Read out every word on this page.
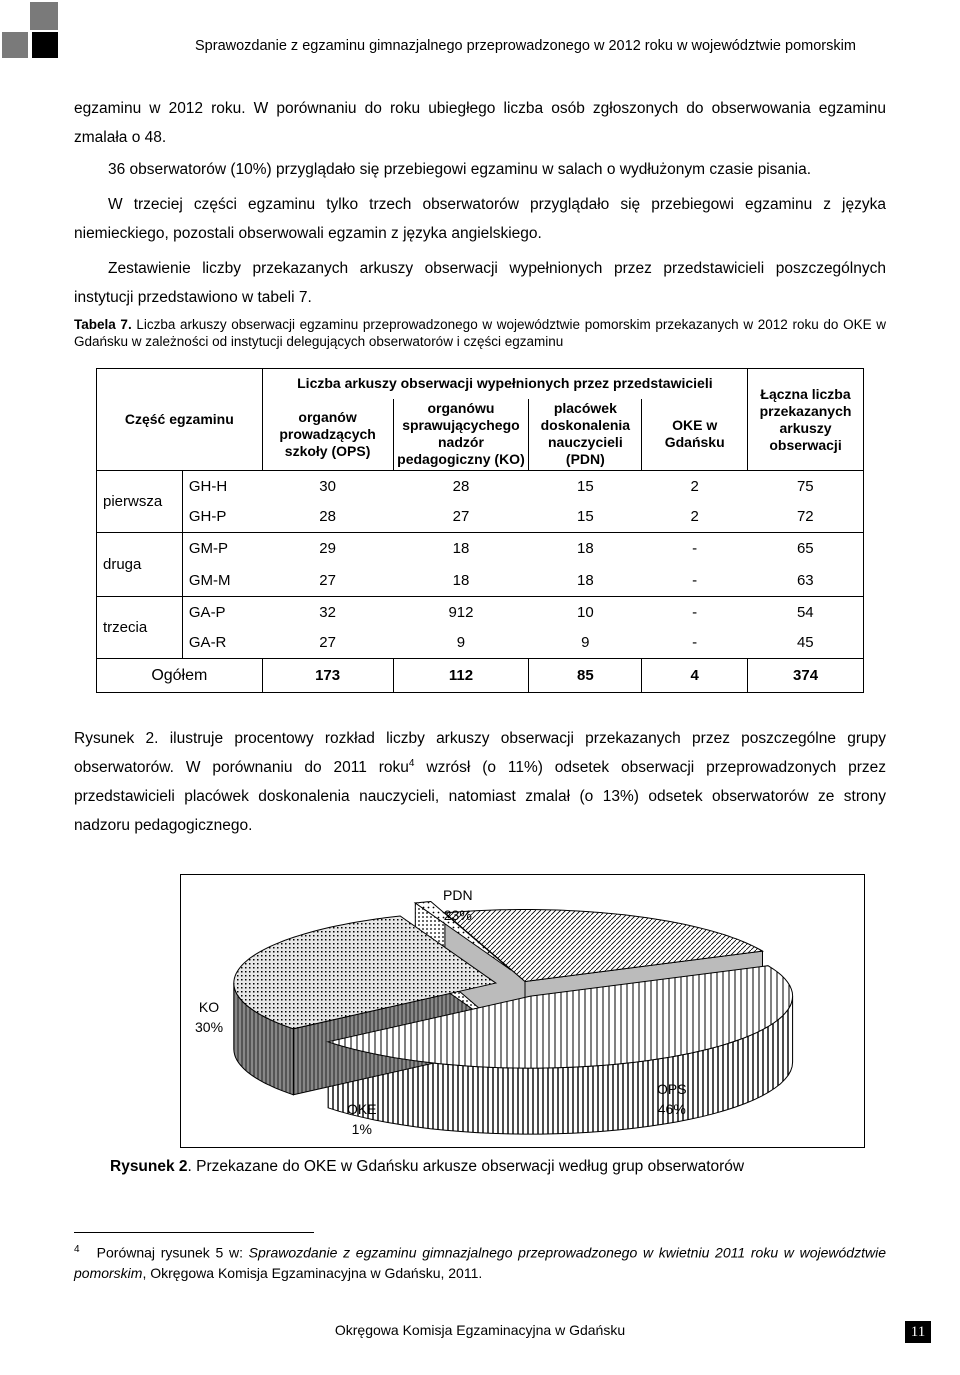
Sprawozdanie z egzaminu gimnazjalnego przeprowadzonego w 2012 roku w województwie pomorskim
egzaminu w 2012 roku. W porównaniu do roku ubiegłego liczba osób zgłoszonych do obserwowania egzaminu zmalała o 48.
36 obserwatorów (10%) przyglądało się przebiegowi egzaminu w salach o wydłużonym czasie pisania.
W trzeciej części egzaminu tylko trzech obserwatorów przyglądało się przebiegowi egzaminu z języka niemieckiego, pozostali obserwowali egzamin z języka angielskiego.
Zestawienie liczby przekazanych arkuszy obserwacji wypełnionych przez przedstawicieli poszczególnych instytucji przedstawiono w tabeli 7.
Tabela 7. Liczba arkuszy obserwacji egzaminu przeprowadzonego w województwie pomorskim przekazanych w 2012 roku do OKE w Gdańsku w zależności od instytucji delegujących obserwatorów i części egzaminu
Część egzaminu		Liczba arkuszy obserwacji wypełnionych przez przedstawicieli				Łączna liczba przekazanych arkuszy obserwacji
		organów prowadzących szkoły (OPS)	organówu sprawującychego nadzór pedagogiczny (KO)	placówek doskonalenia nauczycieli (PDN)	OKE w Gdańsku	
pierwsza	GH-H	30	28	15	2	75
	GH-P	28	27	15	2	72
druga	GM-P	29	18	18	-	65
	GM-M	27	18	18	-	63
trzecia	GA-P	32	912	10	-	54
	GA-R	27	9	9	-	45
Ogółem		173	112	85	4	374
Rysunek 2. ilustruje procentowy rozkład liczby arkuszy obserwacji przekazanych przez poszczególne grupy obserwatorów. W porównaniu do 2011 roku$^4$ wzrósł (o 11%) odsetek obserwacji przeprowadzonych przez przedstawicieli placówek doskonalenia nauczycieli, natomiast zmalał (o 13%) odsetek obserwatorów ze strony nadzoru pedagogicznego.
PDN
23%
KO
30%
OKE
1%
OPS
46%
Rysunek 2. Przekazane do OKE w Gdańsku arkusze obserwacji według grup obserwatorów
$^4$ Porównaj rysunek 5 w: Sprawozdanie z egzaminu gimnazjalnego przeprowadzonego w kwietniu 2011 roku w województwie pomorskim, Okręgowa Komisja Egzaminacyjna w Gdańsku, 2011.
Okręgowa Komisja Egzaminacyjna w Gdańsku	11
